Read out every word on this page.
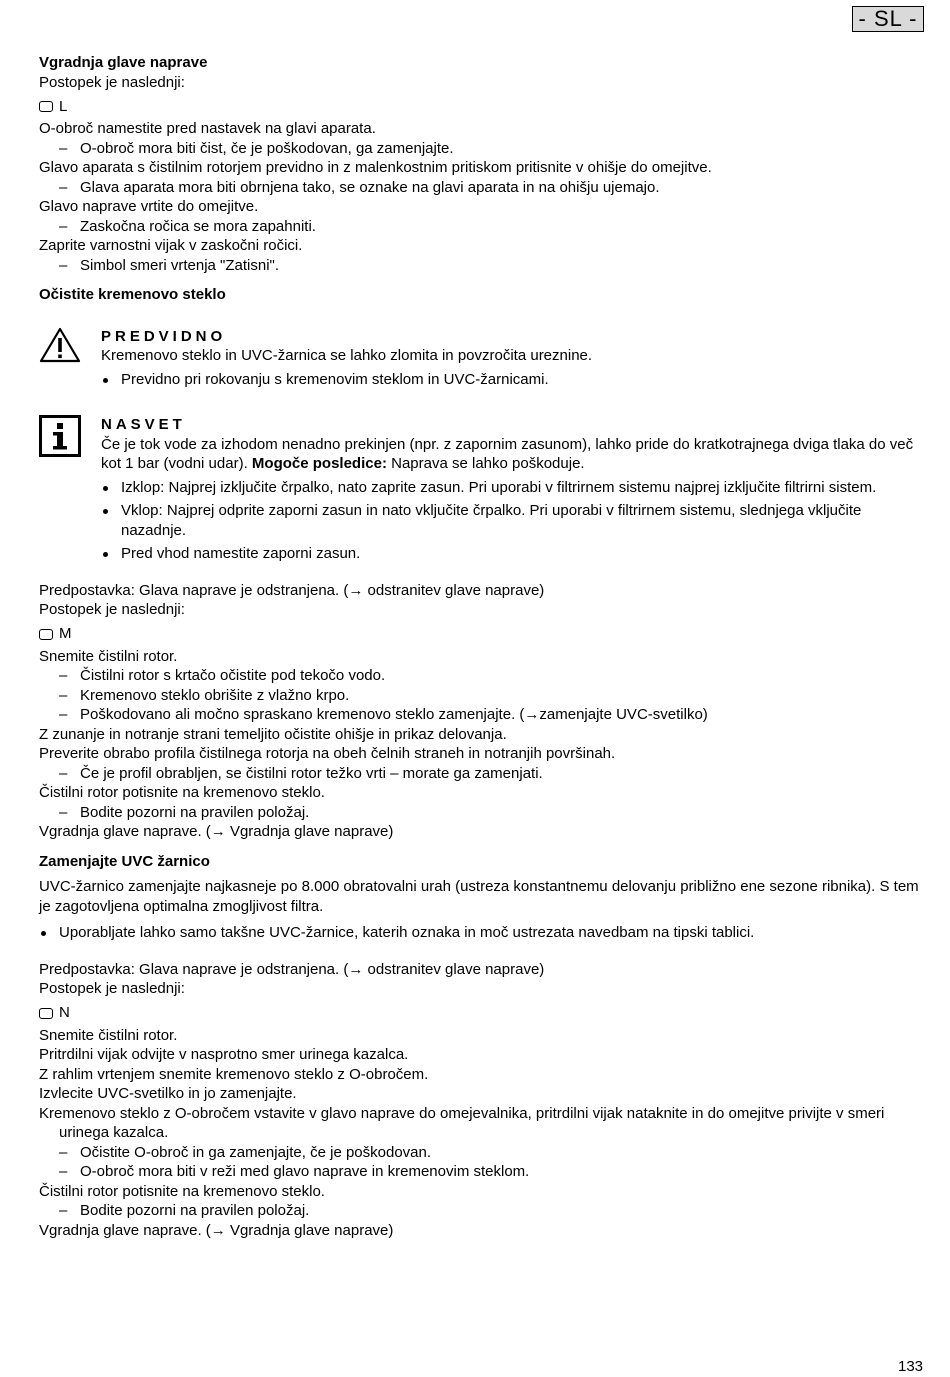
- SL -
Vgradnja glave naprave

Postopek je naslednji:

L

O-obroč namestite pred nastavek na glavi aparata.

– O-obroč mora biti čist, če je poškodovan, ga zamenjajte.

Glavo aparata s čistilnim rotorjem previdno in z malenkostnim pritiskom pritisnite v ohišje do omejitve.

– Glava aparata mora biti obrnjena tako, se oznake na glavi aparata in na ohišju ujemajo.

Glavo naprave vrtite do omejitve.

– Zaskočna ročica se mora zapahniti.

Zaprite varnostni vijak v zaskočni ročici.

– Simbol smeri vrtenja "Zatisni".

Očistite kremenovo steklo
PREDVIDNO

Kremenovo steklo in UVC-žarnica se lahko zlomita in povzročita ureznine.

Previdno pri rokovanju s kremenovim steklom in UVC-žarnicami.

NASVET

Če je tok vode za izhodom nenadno prekinjen (npr. z zapornim zasunom), lahko pride do kratkotrajnega dviga tlaka do več kot 1 bar (vodni udar). Mogoče posledice: Naprava se lahko poškoduje.

Izklop: Najprej izključite črpalko, nato zaprite zasun. Pri uporabi v filtrirnem sistemu najprej izključite filtrirni sistem.

Vklop: Najprej odprite zaporni zasun in nato vključite črpalko. Pri uporabi v filtrirnem sistemu, slednjega vključite nazadnje.

Pred vhod namestite zaporni zasun.

Predpostavka: Glava naprave je odstranjena. (→ odstranitev glave naprave)

Postopek je naslednji:

M

Snemite čistilni rotor.

– Čistilni rotor s krtačo očistite pod tekočo vodo.

– Kremenovo steklo obrišite z vlažno krpo.

– Poškodovano ali močno spraskano kremenovo steklo zamenjajte. (→zamenjajte UVC-svetilko)

Z zunanje in notranje strani temeljito očistite ohišje in prikaz delovanja.

Preverite obrabo profila čistilnega rotorja na obeh čelnih straneh in notranjih površinah.

– Če je profil obrabljen, se čistilni rotor težko vrti – morate ga zamenjati.

Čistilni rotor potisnite na kremenovo steklo.

– Bodite pozorni na pravilen položaj.

Vgradnja glave naprave. (→ Vgradnja glave naprave)

Zamenjajte UVC žarnico

UVC-žarnico zamenjajte najkasneje po 8.000 obratovalni urah (ustreza konstantnemu delovanju približno ene sezone ribnika). S tem je zagotovljena optimalna zmogljivost filtra.

Uporabljate lahko samo takšne UVC-žarnice, katerih oznaka in moč ustrezata navedbam na tipski tablici.

Predpostavka: Glava naprave je odstranjena. (→ odstranitev glave naprave)

Postopek je naslednji:

N

Snemite čistilni rotor.

Pritrdilni vijak odvijte v nasprotno smer urinega kazalca.

Z rahlim vrtenjem snemite kremenovo steklo z O-obročem.

Izvlecite UVC-svetilko in jo zamenjajte.

Kremenovo steklo z O-obročem vstavite v glavo naprave do omejevalnika, pritrdilni vijak nataknite in do omejitve privijte v smeri urinega kazalca.

– Očistite O-obroč in ga zamenjajte, če je poškodovan.

– O-obroč mora biti v reži med glavo naprave in kremenovim steklom.

Čistilni rotor potisnite na kremenovo steklo.

– Bodite pozorni na pravilen položaj.

Vgradnja glave naprave. (→ Vgradnja glave naprave)

133
